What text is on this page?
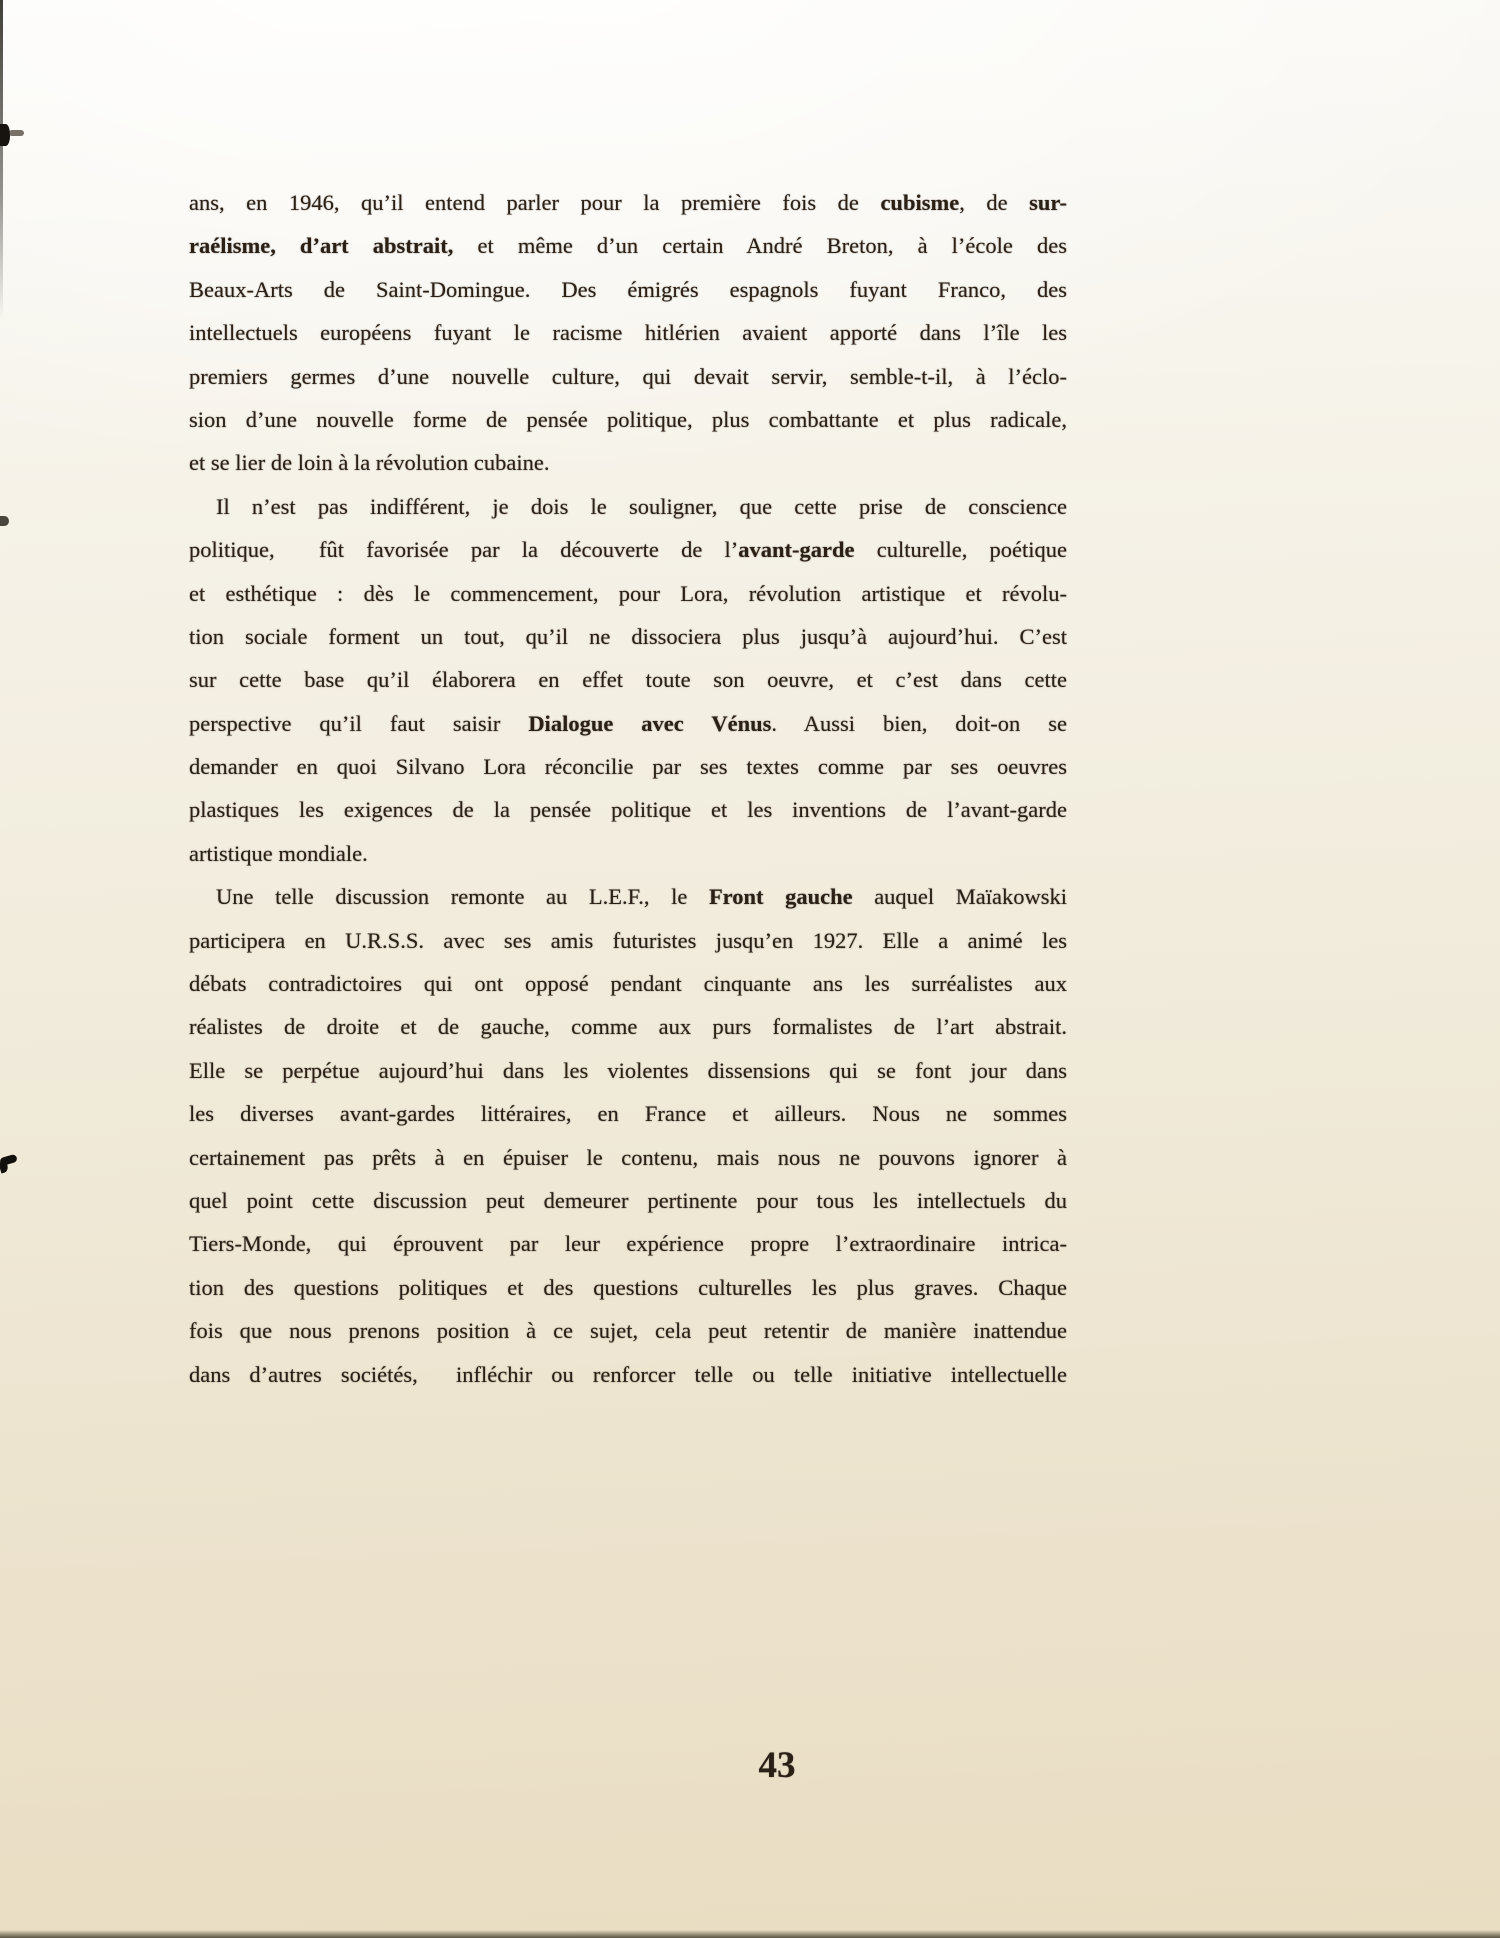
ans, en 1946, qu’il entend parler pour la première fois de cubisme, de sur-
raélisme, d’art abstrait, et même d’un certain André Breton, à l’école des
Beaux-Arts de Saint-Domingue. Des émigrés espagnols fuyant Franco, des
intellectuels européens fuyant le racisme hitlérien avaient apporté dans l’île les
premiers germes d’une nouvelle culture, qui devait servir, semble-t-il, à l’éclo-
sion d’une nouvelle forme de pensée politique, plus combattante et plus radicale,
et se lier de loin à la révolution cubaine.
Il n’est pas indifférent, je dois le souligner, que cette prise de conscience
politique,  fût favorisée par la découverte de l’avant-garde culturelle, poétique
et esthétique : dès le commencement, pour Lora, révolution artistique et révolu-
tion sociale forment un tout, qu’il ne dissociera plus jusqu’à aujourd’hui. C’est
sur cette base qu’il élaborera en effet toute son oeuvre, et c’est dans cette
perspective qu’il faut saisir Dialogue avec Vénus. Aussi bien, doit-on se
demander en quoi Silvano Lora réconcilie par ses textes comme par ses oeuvres
plastiques les exigences de la pensée politique et les inventions de l’avant-garde
artistique mondiale.
Une telle discussion remonte au L.E.F., le Front gauche auquel Maïakowski
participera en U.R.S.S. avec ses amis futuristes jusqu’en 1927. Elle a animé les
débats contradictoires qui ont opposé pendant cinquante ans les surréalistes aux
réalistes de droite et de gauche, comme aux purs formalistes de l’art abstrait.
Elle se perpétue aujourd’hui dans les violentes dissensions qui se font jour dans
les diverses avant-gardes littéraires, en France et ailleurs. Nous ne sommes
certainement pas prêts à en épuiser le contenu, mais nous ne pouvons ignorer à
quel point cette discussion peut demeurer pertinente pour tous les intellectuels du
Tiers-Monde, qui éprouvent par leur expérience propre l’extraordinaire intrica-
tion des questions politiques et des questions culturelles les plus graves. Chaque
fois que nous prenons position à ce sujet, cela peut retentir de manière inattendue
dans d’autres sociétés,  infléchir ou renforcer telle ou telle initiative intellectuelle
43
